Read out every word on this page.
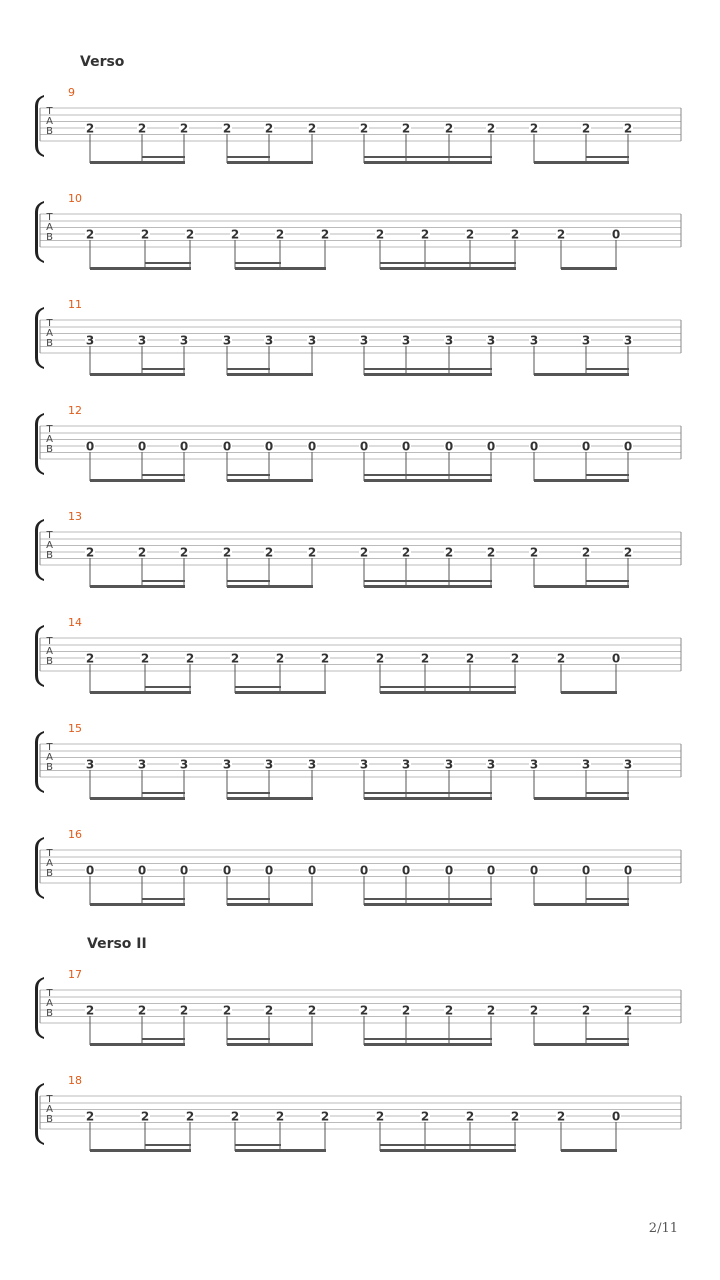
Verso
Verso II
9
T
A
B	2	2	2	2	2	2	2	2	2	2	2	2	2
10
T
A
B	2	2	2	2	2	2	2	2	2	2	2	0
11
T
A
B	3	3	3	3	3	3	3	3	3	3	3	3	3
12
T
A
B	0	0	0	0	0	0	0	0	0	0	0	0	0
13
T
A
B	2	2	2	2	2	2	2	2	2	2	2	2	2
14
T
A
B	2	2	2	2	2	2	2	2	2	2	2	0
15
T
A
B	3	3	3	3	3	3	3	3	3	3	3	3	3
16
T
A
B	0	0	0	0	0	0	0	0	0	0	0	0	0
17
T
A
B	2	2	2	2	2	2	2	2	2	2	2	2	2
18
T
A
B	2	2	2	2	2	2	2	2	2	2	2	0
2/11
